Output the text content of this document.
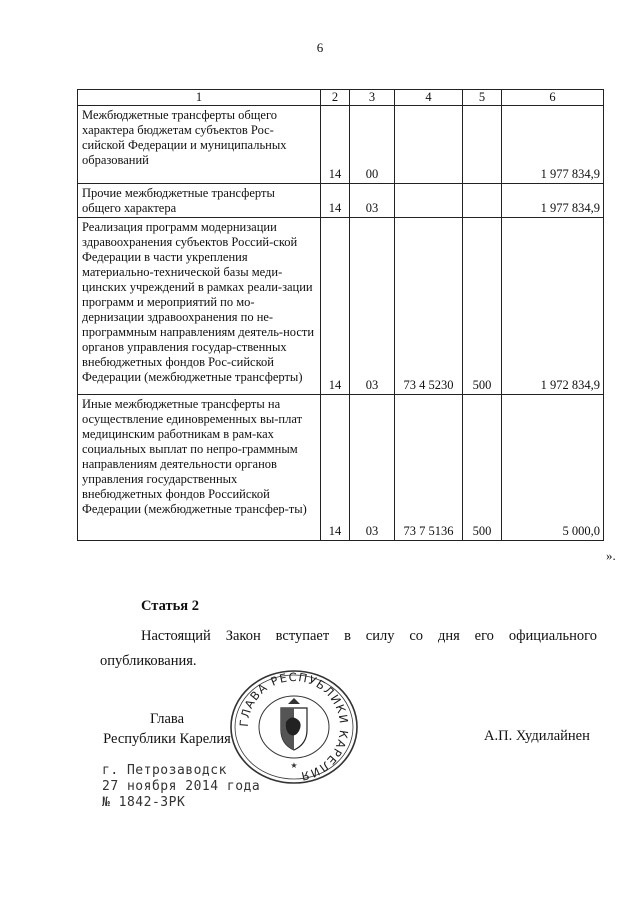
6
1	2	3	4	5	6
Межбюджетные трансферты общего характера бюджетам субъектов Рос-сийской Федерации и муниципальных образований	14	00			1 977 834,9
Прочие межбюджетные трансферты общего характера	14	03			1 977 834,9
Реализация программ модернизации здравоохранения субъектов Россий-ской Федерации в части укрепления материально-технической базы меди-цинских учреждений в рамках реали-зации программ и мероприятий по мо-дернизации здравоохранения по не-программным направлениям деятель-ности органов управления государ-ственных внебюджетных фондов Рос-сийской Федерации (межбюджетные трансферты)	14	03	73 4 5230	500	1 972 834,9
Иные межбюджетные трансферты на осуществление единовременных вы-плат медицинским работникам в рам-ках социальных выплат по непро-граммным направлениям деятельности органов управления государственных внебюджетных фондов Российской Федерации (межбюджетные трансфер-ты)	14	03	73 7 5136	500	5 000,0
».
Статья 2
Настоящий Закон вступает в силу со дня его официального опубликования.
Глава
Республики Карелия	А.П. Худилайнен
ГЛАВА РЕСПУБЛИКИ КАРЕЛИЯ
★
г. Петрозаводск
27 ноября 2014 года
№ 1842-ЗРК
